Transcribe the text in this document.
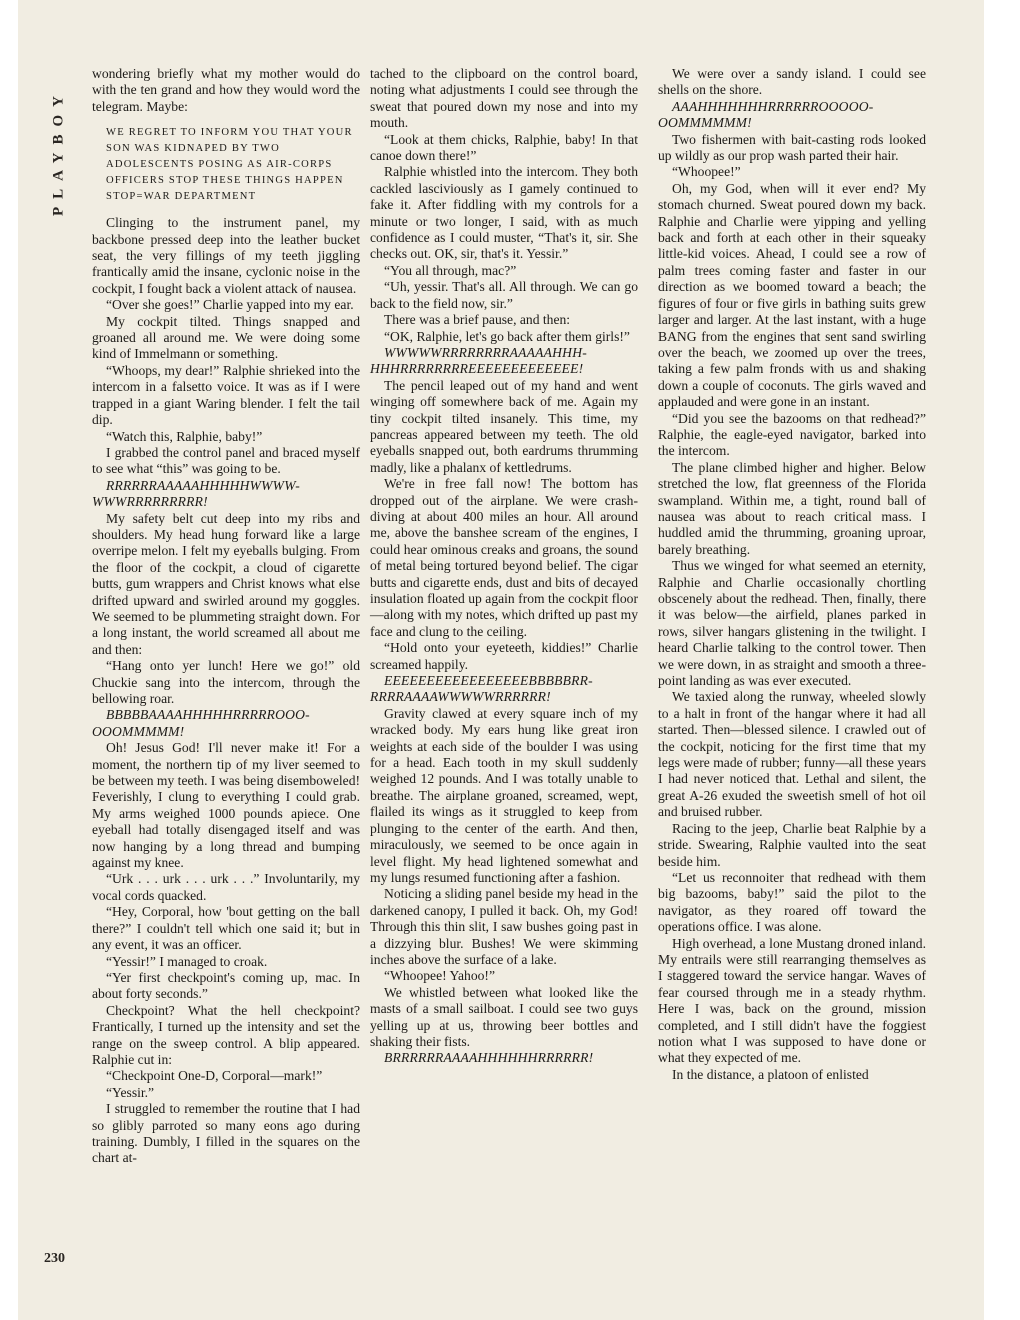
PLAYBOY
230

wondering briefly what my mother would do with the ten grand and how they would word the telegram. Maybe:

WE REGRET TO INFORM YOU THAT YOUR SON WAS KIDNAPED BY TWO ADOLESCENTS POSING AS AIR-CORPS OFFICERS STOP THESE THINGS HAPPEN STOP=WAR DEPARTMENT

Clinging to the instrument panel, my backbone pressed deep into the leather bucket seat, the very fillings of my teeth jiggling frantically amid the insane, cyclonic noise in the cockpit, I fought back a violent attack of nausea.

“Over she goes!” Charlie yapped into my ear.

My cockpit tilted. Things snapped and groaned all around me. We were doing some kind of Immelmann or something.

“Whoops, my dear!” Ralphie shrieked into the intercom in a falsetto voice. It was as if I were trapped in a giant Waring blender. I felt the tail dip.

“Watch this, Ralphie, baby!”

I grabbed the control panel and braced myself to see what “this” was going to be.

RRRRRRAAAAAHHHHHWWWW-WWWRRRRRRRRR!

My safety belt cut deep into my ribs and shoulders. My head hung forward like a large overripe melon. I felt my eyeballs bulging. From the floor of the cockpit, a cloud of cigarette butts, gum wrappers and Christ knows what else drifted upward and swirled around my goggles. We seemed to be plummeting straight down. For a long instant, the world screamed all about me and then:

“Hang onto yer lunch! Here we go!” old Chuckie sang into the intercom, through the bellowing roar.

BBBBBAAAAHHHHHRRRRROOO-OOOMMMMM!

Oh! Jesus God! I'll never make it! For a moment, the northern tip of my liver seemed to be between my teeth. I was being disemboweled! Feverishly, I clung to everything I could grab. My arms weighed 1000 pounds apiece. One eyeball had totally disengaged itself and was now hanging by a long thread and bumping against my knee.

“Urk . . . urk . . . urk . . .” Involuntarily, my vocal cords quacked.

“Hey, Corporal, how 'bout getting on the ball there?” I couldn't tell which one said it; but in any event, it was an officer.

“Yessir!” I managed to croak.

“Yer first checkpoint's coming up, mac. In about forty seconds.”

Checkpoint? What the hell checkpoint? Frantically, I turned up the intensity and set the range on the sweep control. A blip appeared. Ralphie cut in:

“Checkpoint One-D, Corporal—mark!”

“Yessir.”

I struggled to remember the routine that I had so glibly parroted so many eons ago during training. Dumbly, I filled in the squares on the chart at-

tached to the clipboard on the control board, noting what adjustments I could see through the sweat that poured down my nose and into my mouth.

“Look at them chicks, Ralphie, baby! In that canoe down there!”

Ralphie whistled into the intercom. They both cackled lasciviously as I gamely continued to fake it. After fiddling with my controls for a minute or two longer, I said, with as much confidence as I could muster, “That's it, sir. She checks out. OK, sir, that's it. Yessir.”

“You all through, mac?”

“Uh, yessir. That's all. All through. We can go back to the field now, sir.”

There was a brief pause, and then:

“OK, Ralphie, let's go back after them girls!”

WWWWWRRRRRRRRAAAAAHHH-HHHRRRRRRRREEEEEEEEEEEEE!

The pencil leaped out of my hand and went winging off somewhere back of me. Again my tiny cockpit tilted insanely. This time, my pancreas appeared between my teeth. The old eyeballs snapped out, both eardrums thrumming madly, like a phalanx of kettledrums.

We're in free fall now! The bottom has dropped out of the airplane. We were crash-diving at about 400 miles an hour. All around me, above the banshee scream of the engines, I could hear ominous creaks and groans, the sound of metal being tortured beyond belief. The cigar butts and cigarette ends, dust and bits of decayed insulation floated up again from the cockpit floor—along with my notes, which drifted up past my face and clung to the ceiling.

“Hold onto your eyeteeth, kiddies!” Charlie screamed happily.

EEEEEEEEEEEEEEEEEBBBBBRR-RRRRAAAAWWWWWRRRRRR!

Gravity clawed at every square inch of my wracked body. My ears hung like great iron weights at each side of the boulder I was using for a head. Each tooth in my skull suddenly weighed 12 pounds. And I was totally unable to breathe. The airplane groaned, screamed, wept, flailed its wings as it struggled to keep from plunging to the center of the earth. And then, miraculously, we seemed to be once again in level flight. My head lightened somewhat and my lungs resumed functioning after a fashion.

Noticing a sliding panel beside my head in the darkened canopy, I pulled it back. Oh, my God! Through this thin slit, I saw bushes going past in a dizzying blur. Bushes! We were skimming inches above the surface of a lake.

“Whoopee! Yahoo!”

We whistled between what looked like the masts of a small sailboat. I could see two guys yelling up at us, throwing beer bottles and shaking their fists.

BRRRRRRAAAAHHHHHHRRRRRR!

We were over a sandy island. I could see shells on the shore.

AAAHHHHHHHRRRRRROOOOO-OOMMMMMM!

Two fishermen with bait-casting rods looked up wildly as our prop wash parted their hair.

“Whoopee!”

Oh, my God, when will it ever end? My stomach churned. Sweat poured down my back. Ralphie and Charlie were yipping and yelling back and forth at each other in their squeaky little-kid voices. Ahead, I could see a row of palm trees coming faster and faster in our direction as we boomed toward a beach; the figures of four or five girls in bathing suits grew larger and larger. At the last instant, with a huge BANG from the engines that sent sand swirling over the beach, we zoomed up over the trees, taking a few palm fronds with us and shaking down a couple of coconuts. The girls waved and applauded and were gone in an instant.

“Did you see the bazooms on that redhead?” Ralphie, the eagle-eyed navigator, barked into the intercom.

The plane climbed higher and higher. Below stretched the low, flat greenness of the Florida swampland. Within me, a tight, round ball of nausea was about to reach critical mass. I huddled amid the thrumming, groaning uproar, barely breathing.

Thus we winged for what seemed an eternity, Ralphie and Charlie occasionally chortling obscenely about the redhead. Then, finally, there it was below—the airfield, planes parked in rows, silver hangars glistening in the twilight. I heard Charlie talking to the control tower. Then we were down, in as straight and smooth a three-point landing as was ever executed.

We taxied along the runway, wheeled slowly to a halt in front of the hangar where it had all started. Then—blessed silence. I crawled out of the cockpit, noticing for the first time that my legs were made of rubber; funny—all these years I had never noticed that. Lethal and silent, the great A-26 exuded the sweetish smell of hot oil and bruised rubber.

Racing to the jeep, Charlie beat Ralphie by a stride. Swearing, Ralphie vaulted into the seat beside him.

“Let us reconnoiter that redhead with them big bazooms, baby!” said the pilot to the navigator, as they roared off toward the operations office. I was alone.

High overhead, a lone Mustang droned inland. My entrails were still rearranging themselves as I staggered toward the service hangar. Waves of fear coursed through me in a steady rhythm. Here I was, back on the ground, mission completed, and I still didn't have the foggiest notion what I was supposed to have done or what they expected of me.

In the distance, a platoon of enlisted
